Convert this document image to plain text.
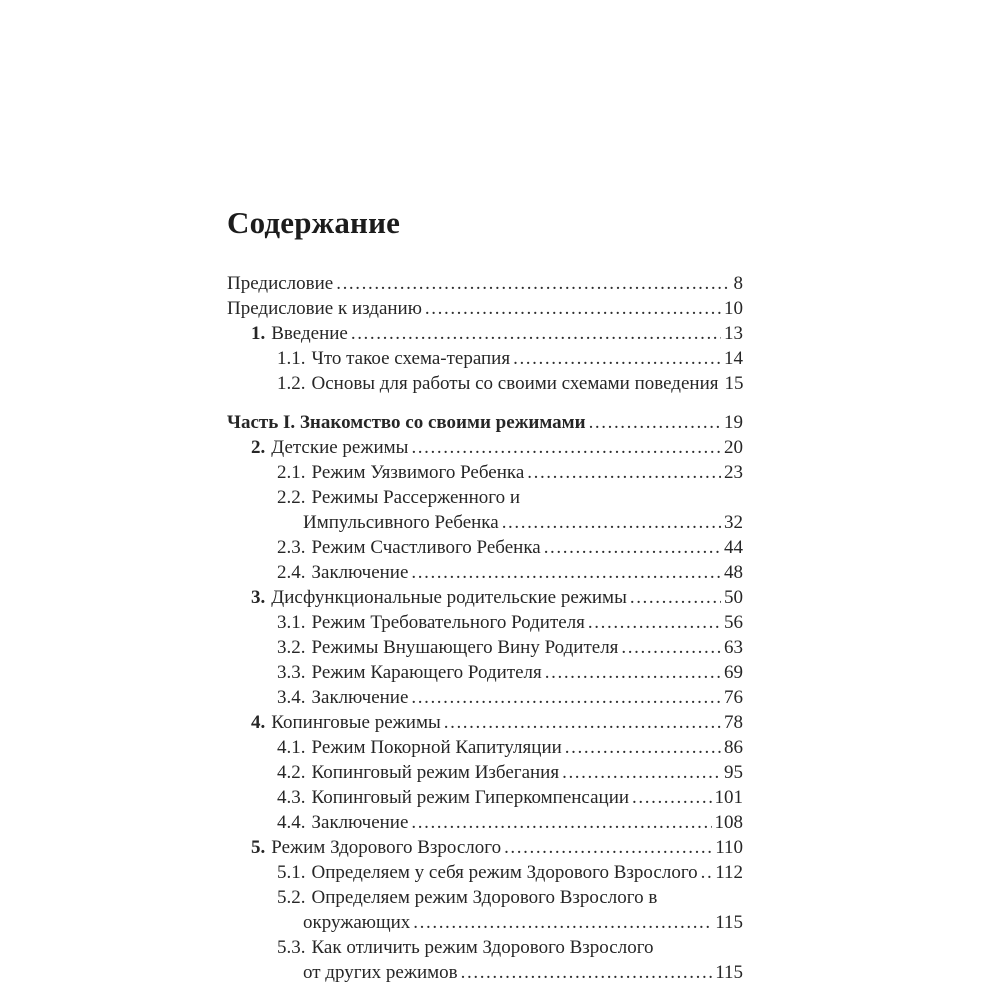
Содержание
Предисловие .....	8
Предисловие к изданию .....	10
1. Введение .....	13
1.1. Что такое схема-терапия .....	14
1.2. Основы для работы со своими схемами поведения ..... 15
Часть I. Знакомство со своими режимами .....	19
2. Детские режимы .....	20
2.1. Режим Уязвимого Ребенка .....	23
2.2. Режимы Рассерженного и
Импульсивного Ребенка .....	32
2.3. Режим Счастливого Ребенка .....	44
2.4. Заключение .....	48
3. Дисфункциональные родительские режимы .....	50
3.1. Режим Требовательного Родителя .....	56
3.2. Режимы Внушающего Вину Родителя .....	63
3.3. Режим Карающего Родителя .....	69
3.4. Заключение .....	76
4. Копинговые режимы .....	78
4.1. Режим Покорной Капитуляции .....	86
4.2. Копинговый режим Избегания .....	95
4.3. Копинговый режим Гиперкомпенсации .....	101
4.4. Заключение .....	108
5. Режим Здорового Взрослого .....	110
5.1. Определяем у себя режим Здорового Взрослого ..... 112
5.2. Определяем режим Здорового Взрослого в
окружающих .....	115
5.3. Как отличить режим Здорового Взрослого
от других режимов .....	115
